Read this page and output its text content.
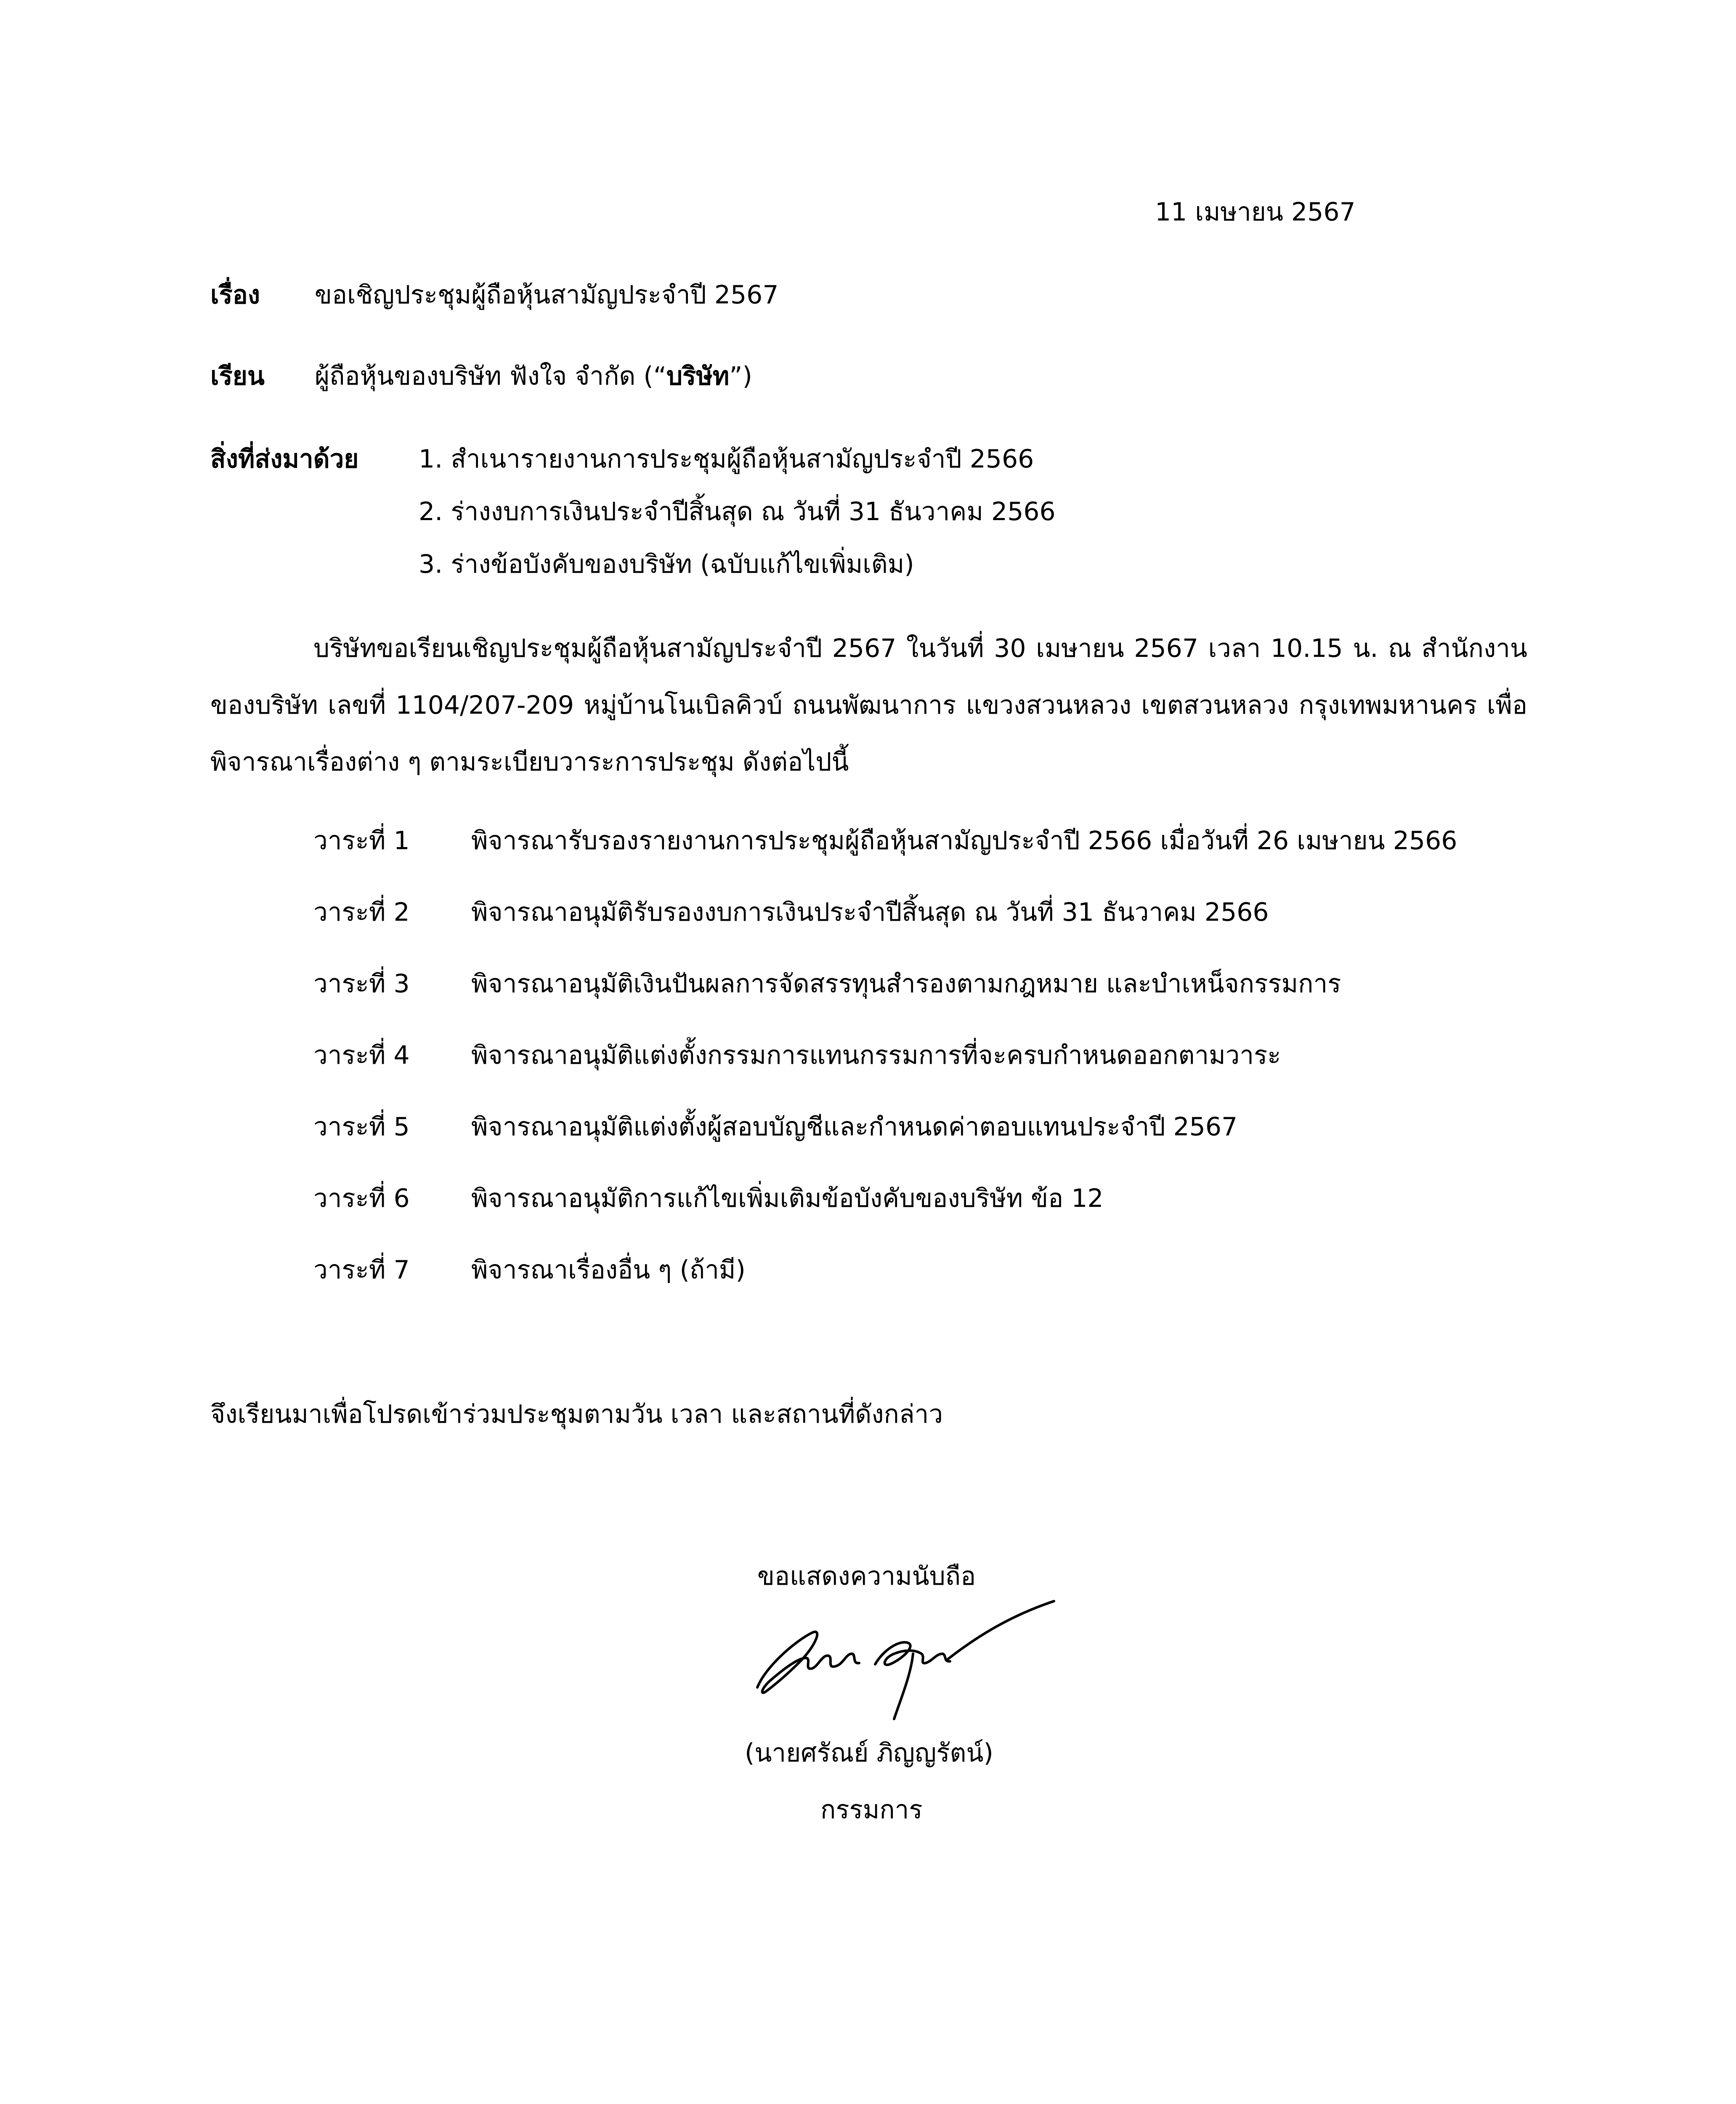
11 เมษายน 2567
เรื่อง ขอเชิญประชุมผู้ถือหุ้นสามัญประจำปี 2567
เรียน ผู้ถือหุ้นของบริษัท ฟังใจ จำกัด (“บริษัท”)
สิ่งที่ส่งมาด้วย 1. สำเนารายงานการประชุมผู้ถือหุ้นสามัญประจำปี 2566
2. ร่างงบการเงินประจำปีสิ้นสุด ณ วันที่ 31 ธันวาคม 2566
3. ร่างข้อบังคับของบริษัท (ฉบับแก้ไขเพิ่มเติม)
บริษัทขอเรียนเชิญประชุมผู้ถือหุ้นสามัญประจำปี 2567 ในวันที่ 30 เมษายน 2567 เวลา 10.15 น. ณ สำนักงาน
ของบริษัท เลขที่ 1104/207-209 หมู่บ้านโนเบิลคิวบ์ ถนนพัฒนาการ แขวงสวนหลวง เขตสวนหลวง กรุงเทพมหานคร เพื่อ
พิจารณาเรื่องต่าง ๆ ตามระเบียบวาระการประชุม ดังต่อไปนี้
วาระที่ 1 พิจารณารับรองรายงานการประชุมผู้ถือหุ้นสามัญประจำปี 2566 เมื่อวันที่ 26 เมษายน 2566
วาระที่ 2 พิจารณาอนุมัติรับรองงบการเงินประจำปีสิ้นสุด ณ วันที่ 31 ธันวาคม 2566
วาระที่ 3 พิจารณาอนุมัติเงินปันผลการจัดสรรทุนสำรองตามกฎหมาย และบำเหน็จกรรมการ
วาระที่ 4 พิจารณาอนุมัติแต่งตั้งกรรมการแทนกรรมการที่จะครบกำหนดออกตามวาระ
วาระที่ 5 พิจารณาอนุมัติแต่งตั้งผู้สอบบัญชีและกำหนดค่าตอบแทนประจำปี 2567
วาระที่ 6 พิจารณาอนุมัติการแก้ไขเพิ่มเติมข้อบังคับของบริษัท ข้อ 12
วาระที่ 7 พิจารณาเรื่องอื่น ๆ (ถ้ามี)
จึงเรียนมาเพื่อโปรดเข้าร่วมประชุมตามวัน เวลา และสถานที่ดังกล่าว
ขอแสดงความนับถือ
(นายศรัณย์ ภิญญรัตน์)
กรรมการ
